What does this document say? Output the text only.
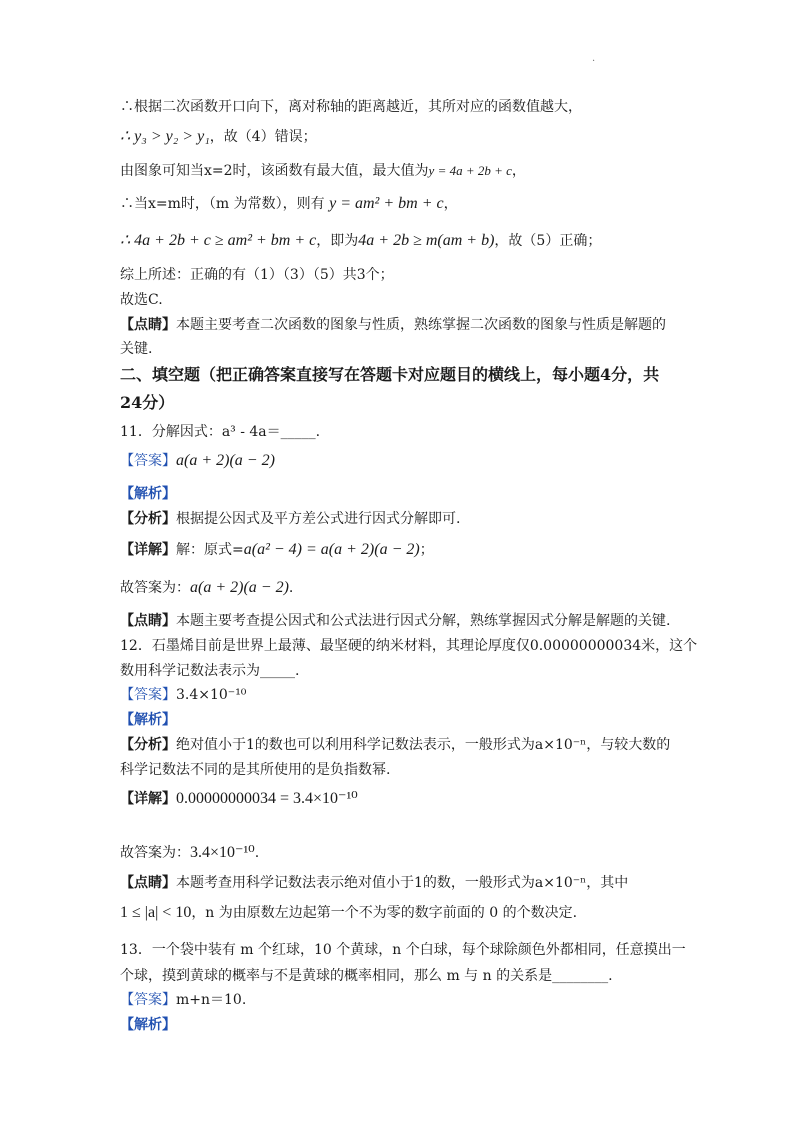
·
∴根据二次函数开口向下，离对称轴的距离越近，其所对应的函数值越大，
∴ y₃ > y₂ > y₁，故（4）错误；
由图象可知当x=2时，该函数有最大值，最大值为y = 4a + 2b + c，
∴当x=m时，（m 为常数），则有 y = am² + bm + c，
∴ 4a + 2b + c ≥ am² + bm + c，即为4a + 2b ≥ m(am + b)，故（5）正确；
综上所述：正确的有（1）（3）（5）共3个；
故选C.
【点睛】本题主要考查二次函数的图象与性质，熟练掌握二次函数的图象与性质是解题的
关键.
二、填空题（把正确答案直接写在答题卡对应题目的横线上，每小题4分，共
24分）
11．分解因式：a³ - 4a＝_____.
【答案】a(a + 2)(a − 2)
【解析】
【分析】根据提公因式及平方差公式进行因式分解即可.
【详解】解：原式=a(a² − 4) = a(a + 2)(a − 2)；
故答案为：a(a + 2)(a − 2).
【点睛】本题主要考查提公因式和公式法进行因式分解，熟练掌握因式分解是解题的关键.
12．石墨烯目前是世界上最薄、最坚硬的纳米材料，其理论厚度仅0.00000000034米，这个
数用科学记数法表示为_____.
【答案】3.4×10⁻¹⁰
【解析】
【分析】绝对值小于1的数也可以利用科学记数法表示，一般形式为a×10⁻ⁿ，与较大数的
科学记数法不同的是其所使用的是负指数幂.
【详解】0.00000000034 = 3.4×10⁻¹⁰
故答案为：3.4×10⁻¹⁰.
【点睛】本题考查用科学记数法表示绝对值小于1的数，一般形式为a×10⁻ⁿ，其中
1 ≤ |a| < 10，n 为由原数左边起第一个不为零的数字前面的 0 的个数决定.
13．一个袋中装有 m 个红球，10 个黄球，n 个白球，每个球除颜色外都相同，任意摸出一
个球，摸到黄球的概率与不是黄球的概率相同，那么 m 与 n 的关系是________.
【答案】m+n＝10.
【解析】
